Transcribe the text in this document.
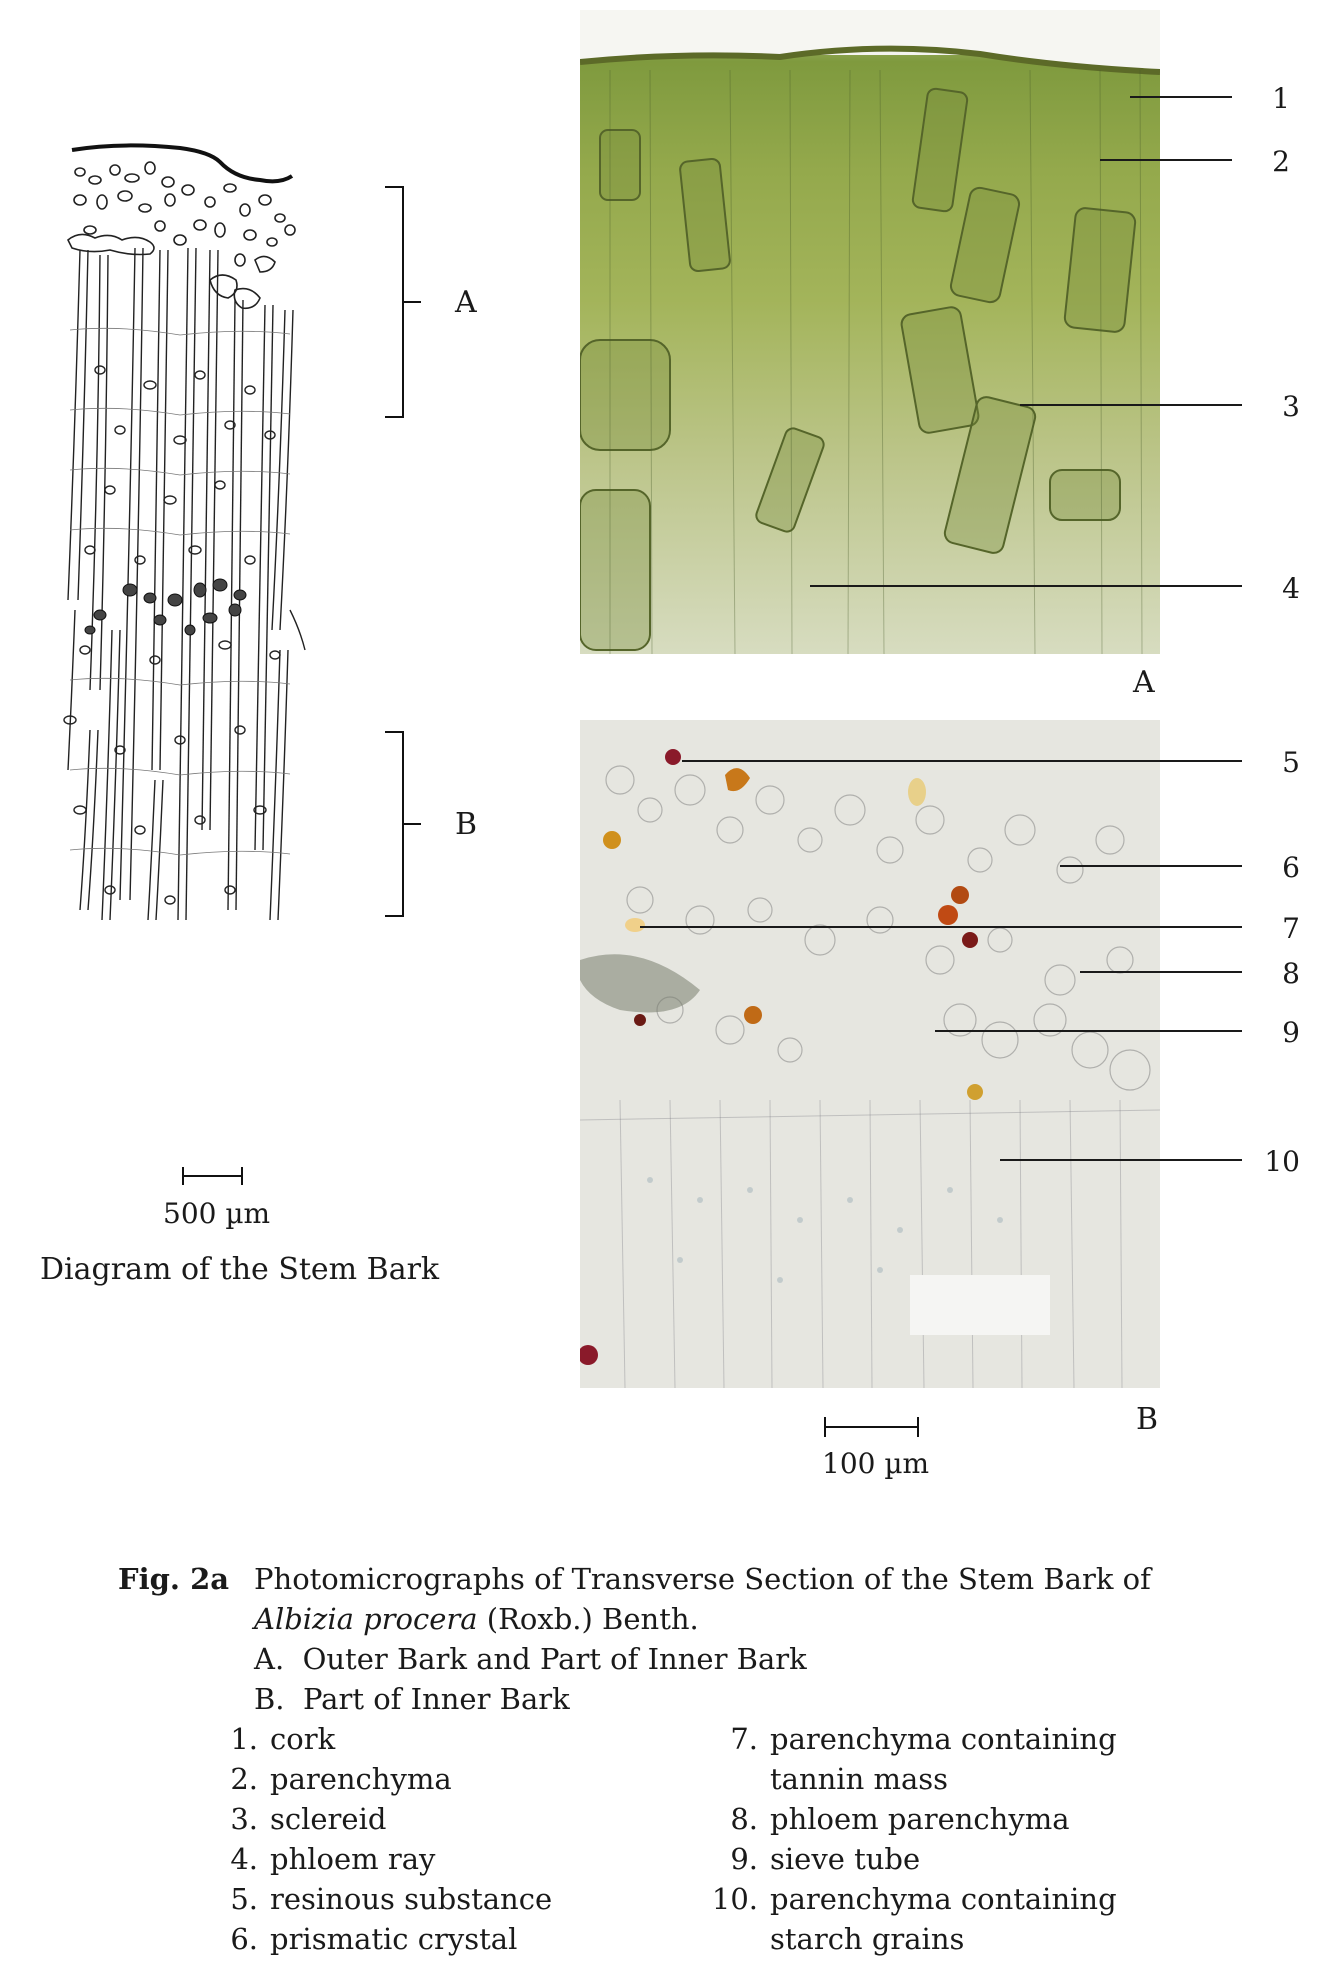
A
B
500 µm
Diagram of the Stem Bark
1
2
3
4
A
5
6
7
8
9
10
B
100 µm
Fig. 2a Photomicrographs of Transverse Section of the Stem Bark of
Albizia procera (Roxb.) Benth.
A.  Outer Bark and Part of Inner Bark
B.  Part of Inner Bark
1. cork
2. parenchyma
3. sclereid
4. phloem ray
5. resinous substance
6. prismatic crystal
7. parenchyma containing
tannin mass
8. phloem parenchyma
9. sieve tube
10. parenchyma containing
starch grains
